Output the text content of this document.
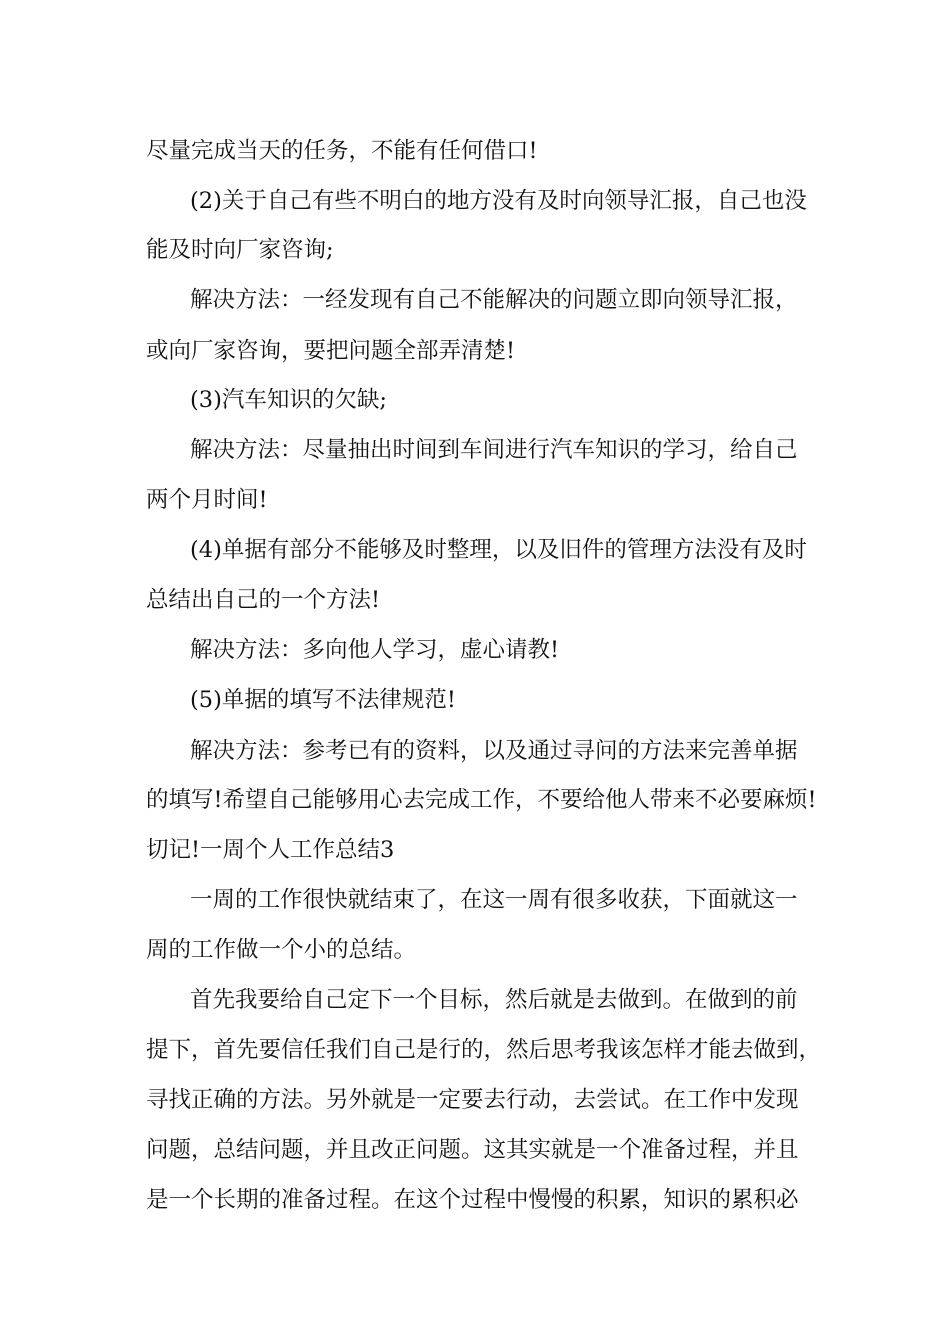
尽量完成当天的任务，不能有任何借口!
(2)关于自己有些不明白的地方没有及时向领导汇报，自己也没
能及时向厂家咨询;
解决方法：一经发现有自己不能解决的问题立即向领导汇报，
或向厂家咨询，要把问题全部弄清楚!
(3)汽车知识的欠缺;
解决方法：尽量抽出时间到车间进行汽车知识的学习，给自己
两个月时间!
(4)单据有部分不能够及时整理，以及旧件的管理方法没有及时
总结出自己的一个方法!
解决方法：多向他人学习，虚心请教!
(5)单据的填写不法律规范!
解决方法：参考已有的资料，以及通过寻问的方法来完善单据
的填写!希望自己能够用心去完成工作，不要给他人带来不必要麻烦!
切记!一周个人工作总结3
一周的工作很快就结束了，在这一周有很多收获，下面就这一
周的工作做一个小的总结。
首先我要给自己定下一个目标，然后就是去做到。在做到的前
提下，首先要信任我们自己是行的，然后思考我该怎样才能去做到，
寻找正确的方法。另外就是一定要去行动，去尝试。在工作中发现
问题，总结问题，并且改正问题。这其实就是一个准备过程，并且
是一个长期的准备过程。在这个过程中慢慢的积累，知识的累积必
